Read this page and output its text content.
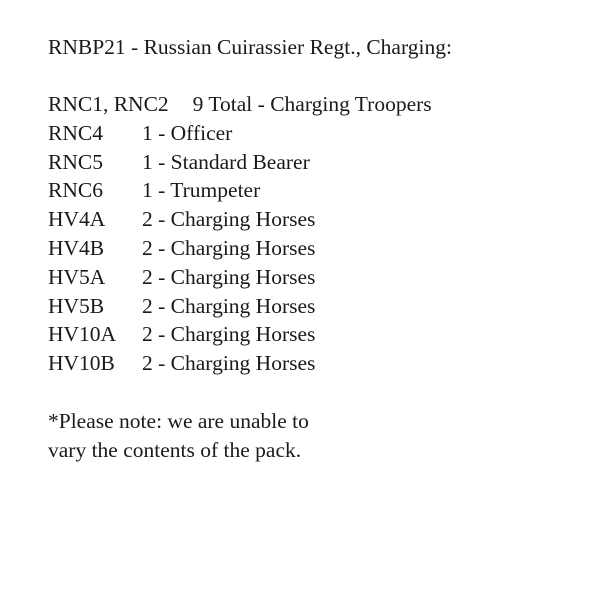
RNBP21 - Russian Cuirassier Regt., Charging:
RNC1, RNC2 9 Total - Charging Troopers
RNC4 1 - Officer
RNC5 1 - Standard Bearer
RNC6 1 - Trumpeter
HV4A 2 - Charging Horses
HV4B 2 - Charging Horses
HV5A 2 - Charging Horses
HV5B 2 - Charging Horses
HV10A 2 - Charging Horses
HV10B 2 - Charging Horses

*Please note: we are unable to

vary the contents of the pack.
